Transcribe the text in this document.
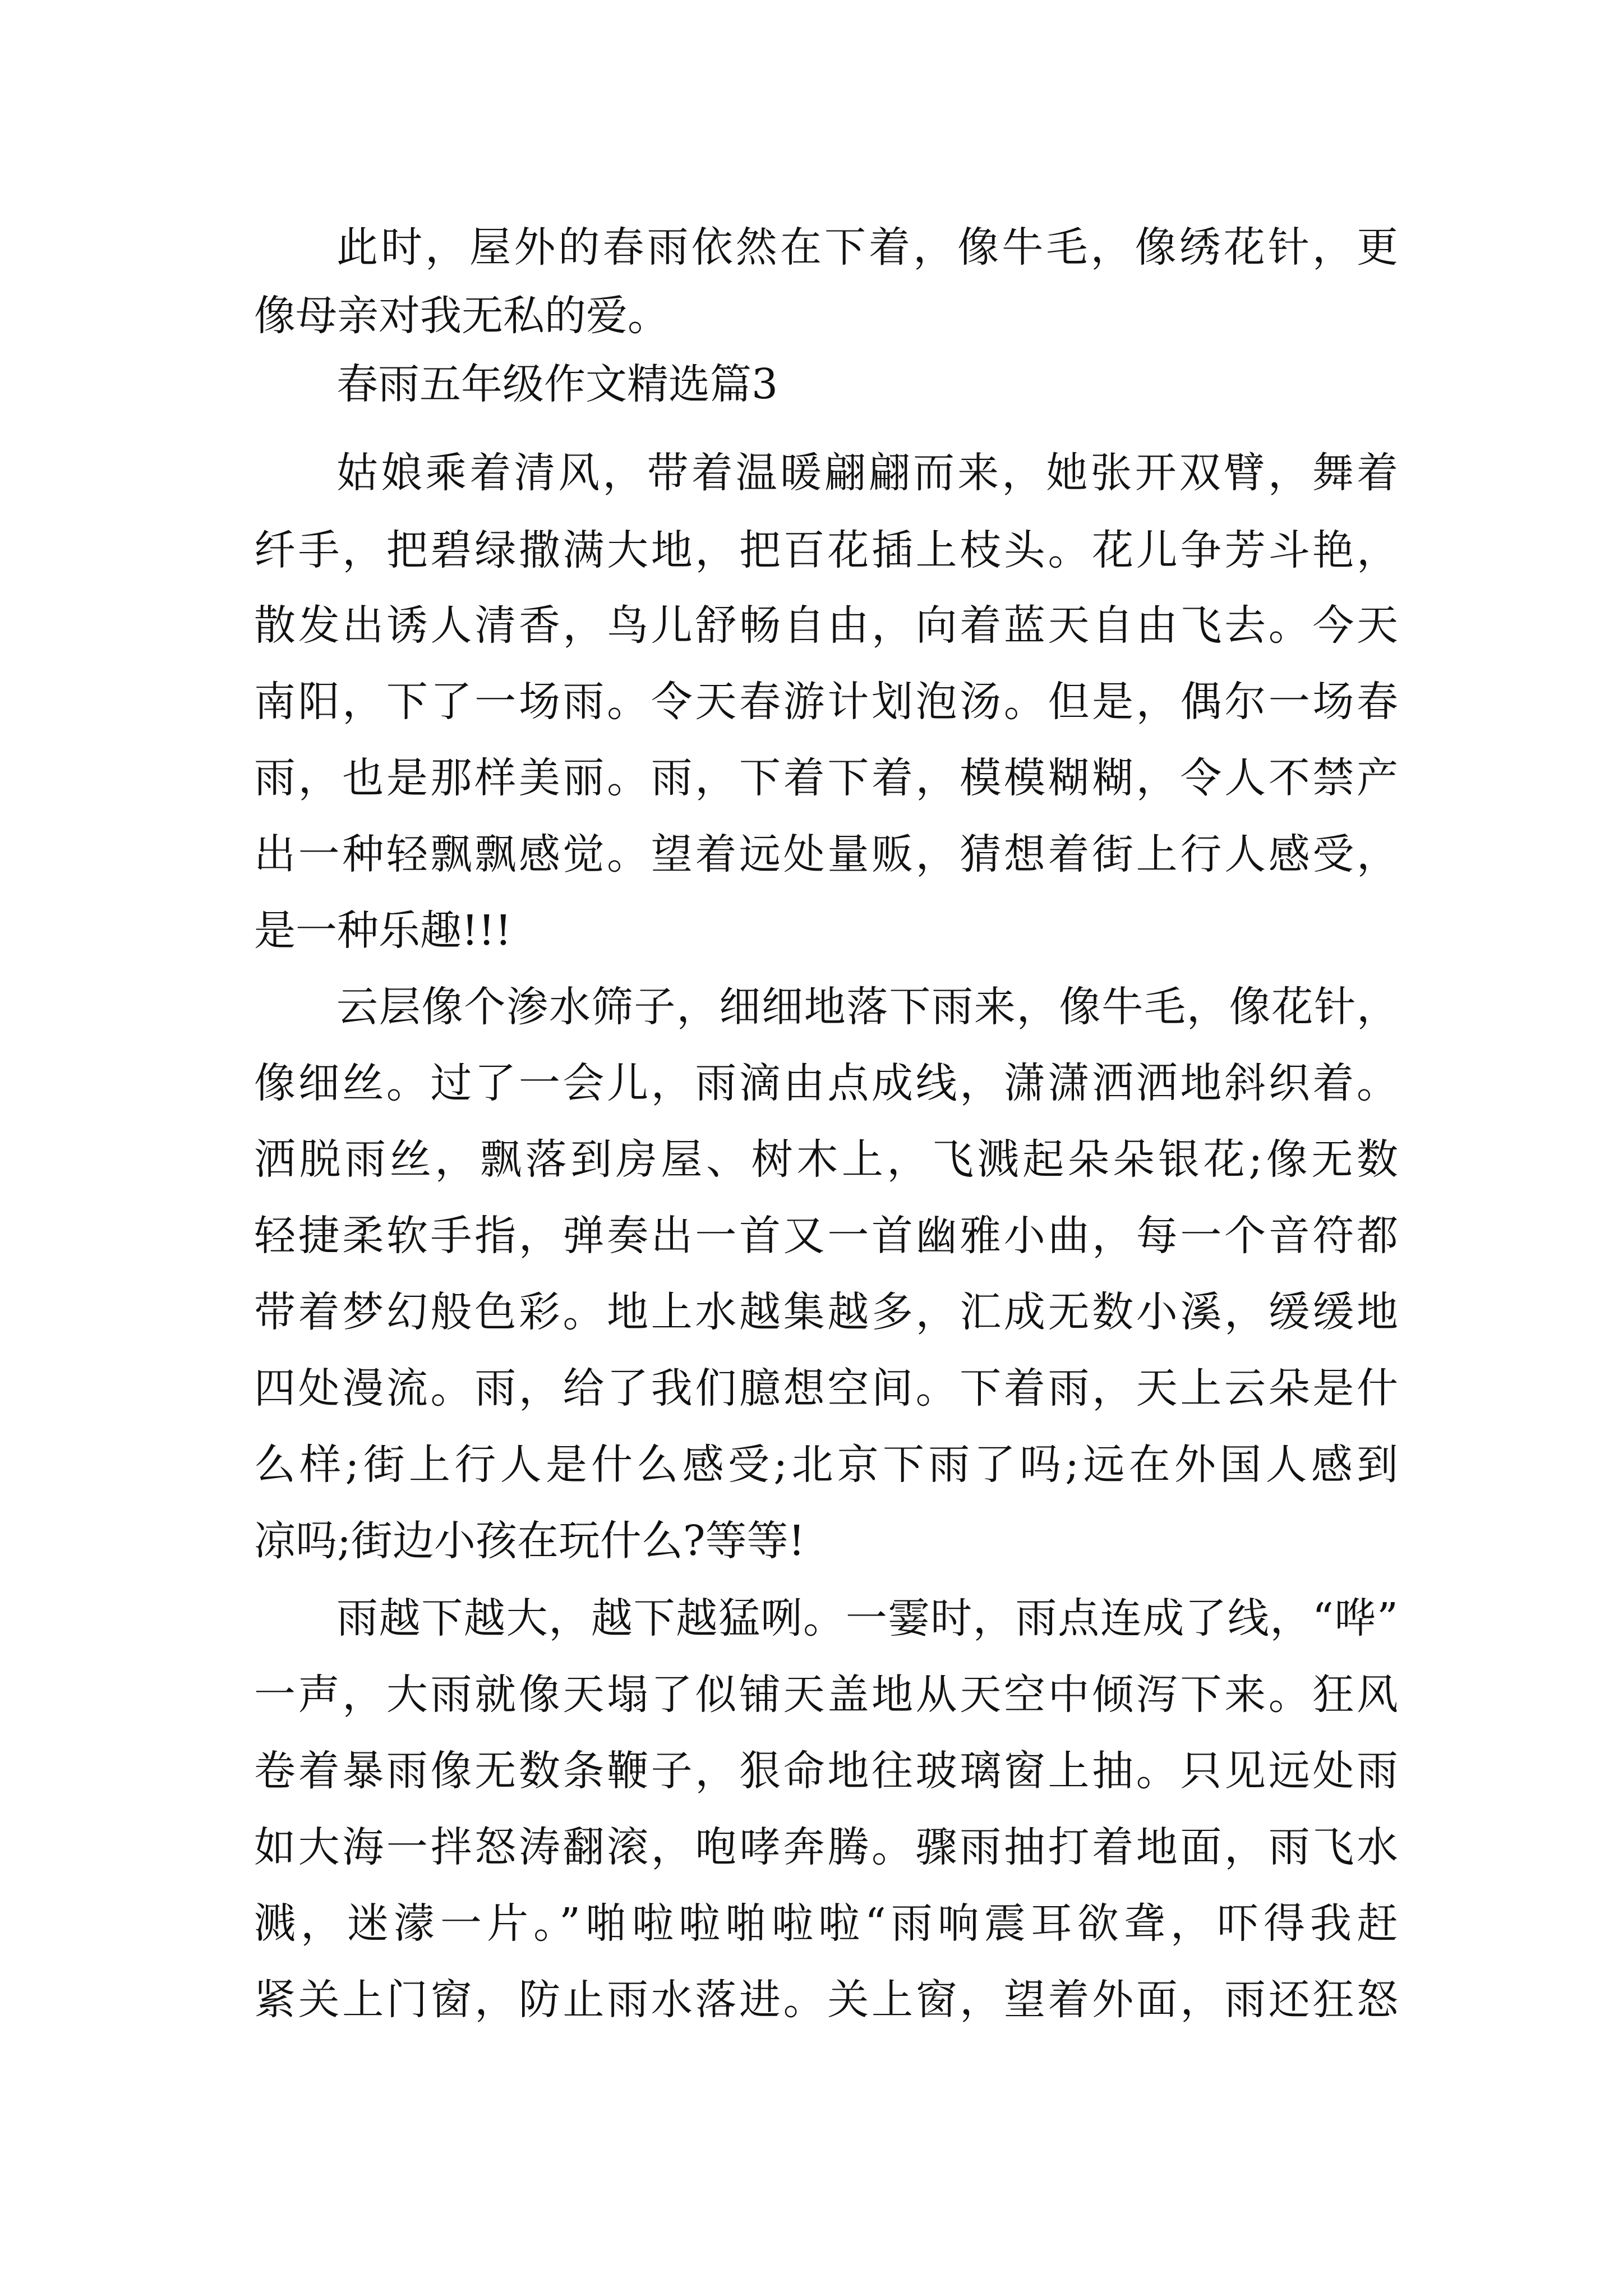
此时，屋外的春雨依然在下着，像牛毛，像绣花针，更
像母亲对我无私的爱。
春雨五年级作文精选篇3
姑娘乘着清风，带着温暖翩翩而来，她张开双臂，舞着
纤手，把碧绿撒满大地，把百花插上枝头。花儿争芳斗艳，
散发出诱人清香，鸟儿舒畅自由，向着蓝天自由飞去。今天
南阳，下了一场雨。令天春游计划泡汤。但是，偶尔一场春
雨，也是那样美丽。雨，下着下着，模模糊糊，令人不禁产
出一种轻飘飘感觉。望着远处量贩，猜想着街上行人感受，
是一种乐趣!!!
云层像个渗水筛子，细细地落下雨来，像牛毛，像花针，
像细丝。过了一会儿，雨滴由点成线，潇潇洒洒地斜织着。
洒脱雨丝，飘落到房屋、树木上，飞溅起朵朵银花;像无数
轻捷柔软手指，弹奏出一首又一首幽雅小曲，每一个音符都
带着梦幻般色彩。地上水越集越多，汇成无数小溪，缓缓地
四处漫流。雨，给了我们臆想空间。下着雨，天上云朵是什
么样;街上行人是什么感受;北京下雨了吗;远在外国人感到
凉吗;街边小孩在玩什么?等等!
雨越下越大，越下越猛咧。一霎时，雨点连成了线，“哗”
一声，大雨就像天塌了似铺天盖地从天空中倾泻下来。狂风
卷着暴雨像无数条鞭子，狠命地往玻璃窗上抽。只见远处雨
如大海一拌怒涛翻滚，咆哮奔腾。骤雨抽打着地面，雨飞水
溅，迷濛一片。”啪啦啦啪啦啦“雨响震耳欲聋，吓得我赶
紧关上门窗，防止雨水落进。关上窗，望着外面，雨还狂怒
